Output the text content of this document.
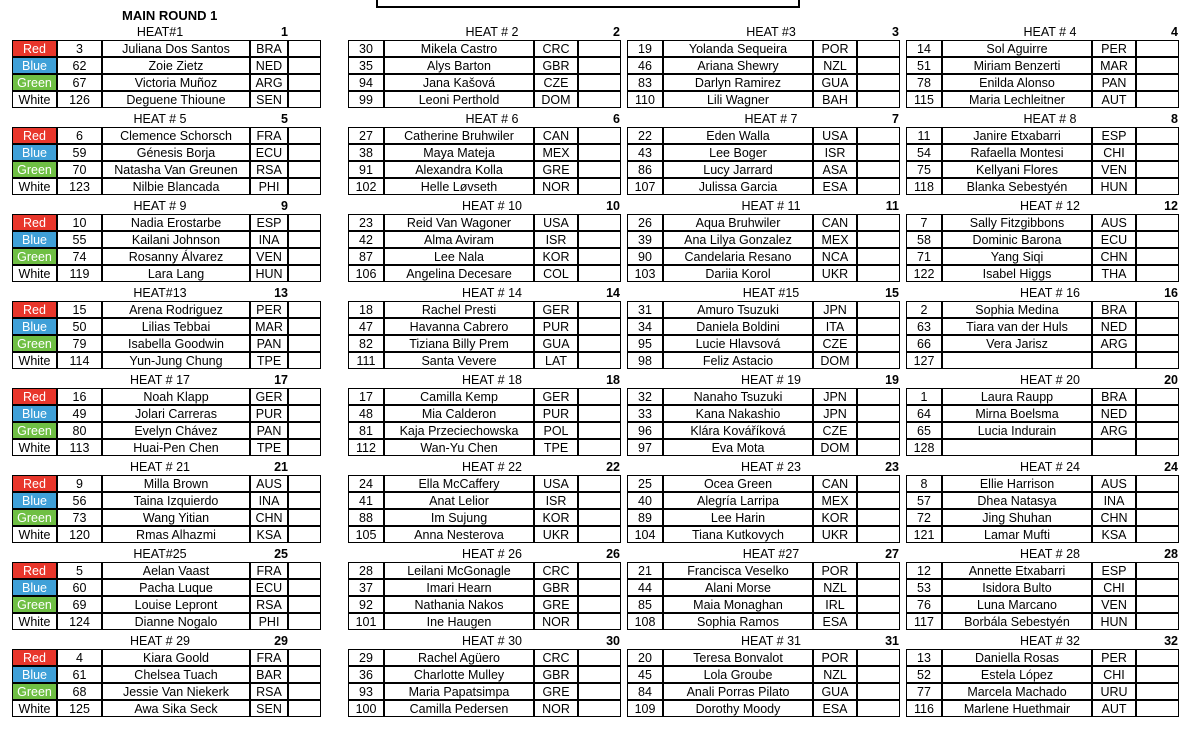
MAIN ROUND 1
HEAT#1	1
Red	3	Juliana Dos Santos	BRA
Blue	62	Zoie Zietz	NED
Green	67	Victoria Muñoz	ARG
White	126	Deguene Thioune	SEN
HEAT # 2	2
30	Mikela Castro	CRC
35	Alys Barton	GBR
94	Jana Kašová	CZE
99	Leoni Perthold	DOM
HEAT #3	3
19	Yolanda Sequeira	POR
46	Ariana Shewry	NZL
83	Darlyn Ramirez	GUA
110	Lili Wagner	BAH
HEAT # 4	4
14	Sol Aguirre	PER
51	Miriam Benzerti	MAR
78	Enilda Alonso	PAN
115	Maria Lechleitner	AUT
HEAT # 5	5
Red	6	Clemence Schorsch	FRA
Blue	59	Génesis Borja	ECU
Green	70	Natasha Van Greunen	RSA
White	123	Nilbie Blancada	PHI
HEAT # 6	6
27	Catherine Bruhwiler	CAN
38	Maya Mateja	MEX
91	Alexandra Kolla	GRE
102	Helle Løvseth	NOR
HEAT # 7	7
22	Eden Walla	USA
43	Lee Boger	ISR
86	Lucy Jarrard	ASA
107	Julissa Garcia	ESA
HEAT # 8	8
11	Janire Etxabarri	ESP
54	Rafaella Montesi	CHI
75	Kellyani Flores	VEN
118	Blanka Sebestyén	HUN
HEAT # 9	9
Red	10	Nadia Erostarbe	ESP
Blue	55	Kailani Johnson	INA
Green	74	Rosanny Álvarez	VEN
White	119	Lara Lang	HUN
HEAT # 10	10
23	Reid Van Wagoner	USA
42	Alma Aviram	ISR
87	Lee Nala	KOR
106	Angelina Decesare	COL
HEAT # 11	11
26	Aqua Bruhwiler	CAN
39	Ana Lilya Gonzalez	MEX
90	Candelaria Resano	NCA
103	Dariia Korol	UKR
HEAT # 12	12
7	Sally Fitzgibbons	AUS
58	Dominic Barona	ECU
71	Yang Siqi	CHN
122	Isabel Higgs	THA
HEAT#13	13
Red	15	Arena Rodriguez	PER
Blue	50	Lilias Tebbai	MAR
Green	79	Isabella Goodwin	PAN
White	114	Yun-Jung Chung	TPE
HEAT # 14	14
18	Rachel Presti	GER
47	Havanna Cabrero	PUR
82	Tiziana Billy Prem	GUA
111	Santa Vevere	LAT
HEAT #15	15
31	Amuro Tsuzuki	JPN
34	Daniela Boldini	ITA
95	Lucie Hlavsová	CZE
98	Feliz Astacio	DOM
HEAT # 16	16
2	Sophia Medina	BRA
63	Tiara van der Huls	NED
66	Vera Jarisz	ARG
127
HEAT # 17	17
Red	16	Noah Klapp	GER
Blue	49	Jolari Carreras	PUR
Green	80	Evelyn Chávez	PAN
White	113	Huai-Pen Chen	TPE
HEAT # 18	18
17	Camilla Kemp	GER
48	Mia Calderon	PUR
81	Kaja Przeciechowska	POL
112	Wan-Yu Chen	TPE
HEAT # 19	19
32	Nanaho Tsuzuki	JPN
33	Kana Nakashio	JPN
96	Klára Kováříková	CZE
97	Eva Mota	DOM
HEAT # 20	20
1	Laura Raupp	BRA
64	Mirna Boelsma	NED
65	Lucia Indurain	ARG
128
HEAT # 21	21
Red	9	Milla Brown	AUS
Blue	56	Taina Izquierdo	INA
Green	73	Wang Yitian	CHN
White	120	Rmas Alhazmi	KSA
HEAT # 22	22
24	Ella McCaffery	USA
41	Anat Lelior	ISR
88	Im Sujung	KOR
105	Anna Nesterova	UKR
HEAT # 23	23
25	Ocea Green	CAN
40	Alegría Larripa	MEX
89	Lee Harin	KOR
104	Tiana Kutkovych	UKR
HEAT # 24	24
8	Ellie Harrison	AUS
57	Dhea Natasya	INA
72	Jing Shuhan	CHN
121	Lamar Mufti	KSA
HEAT#25	25
Red	5	Aelan Vaast	FRA
Blue	60	Pacha Luque	ECU
Green	69	Louise Lepront	RSA
White	124	Dianne Nogalo	PHI
HEAT # 26	26
28	Leilani McGonagle	CRC
37	Imari Hearn	GBR
92	Nathania Nakos	GRE
101	Ine Haugen	NOR
HEAT #27	27
21	Francisca Veselko	POR
44	Alani Morse	NZL
85	Maia Monaghan	IRL
108	Sophia Ramos	ESA
HEAT # 28	28
12	Annette Etxabarri	ESP
53	Isidora Bulto	CHI
76	Luna Marcano	VEN
117	Borbála Sebestyén	HUN
HEAT # 29	29
Red	4	Kiara Goold	FRA
Blue	61	Chelsea Tuach	BAR
Green	68	Jessie Van Niekerk	RSA
White	125	Awa Sika Seck	SEN
HEAT # 30	30
29	Rachel Agüero	CRC
36	Charlotte Mulley	GBR
93	Maria Papatsimpa	GRE
100	Camilla Pedersen	NOR
HEAT # 31	31
20	Teresa Bonvalot	POR
45	Lola Groube	NZL
84	Anali Porras Pilato	GUA
109	Dorothy Moody	ESA
HEAT # 32	32
13	Daniella Rosas	PER
52	Estela López	CHI
77	Marcela Machado	URU
116	Marlene Huethmair	AUT
